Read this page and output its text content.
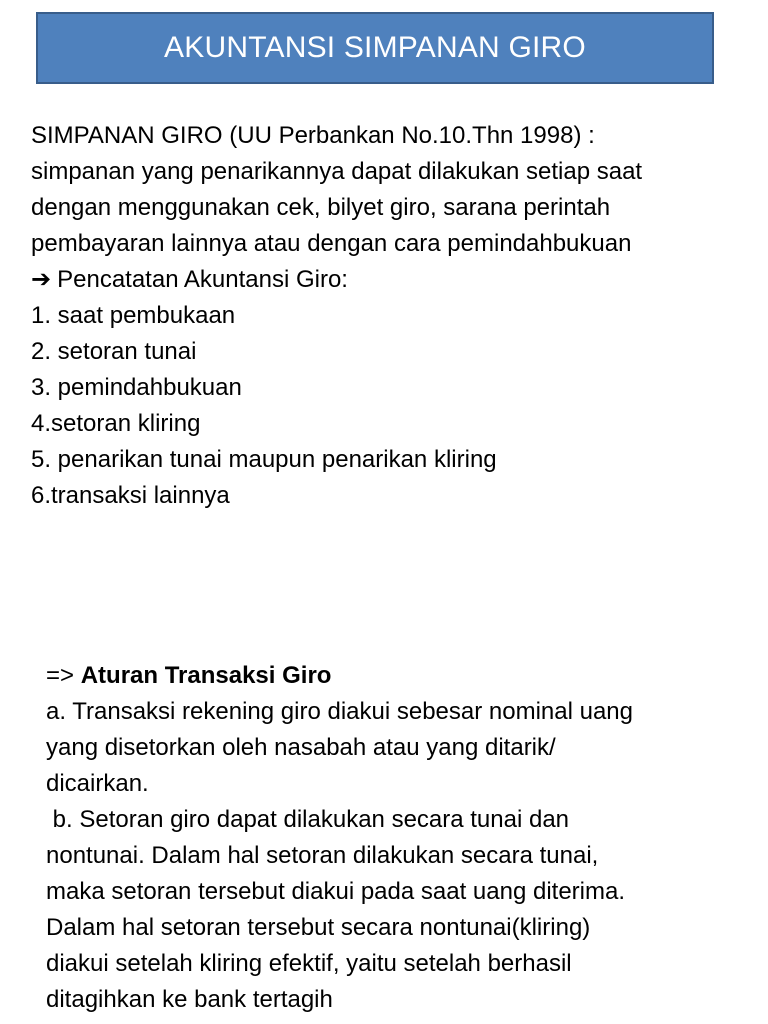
AKUNTANSI SIMPANAN GIRO
SIMPANAN GIRO (UU Perbankan No.10.Thn 1998) :
simpanan yang penarikannya dapat dilakukan setiap saat
dengan menggunakan cek, bilyet giro, sarana perintah
pembayaran lainnya atau dengan cara pemindahbukuan
➔ Pencatatan Akuntansi Giro:
1. saat pembukaan
2. setoran tunai
3. pemindahbukuan
4.setoran kliring
5. penarikan tunai maupun penarikan kliring
6.transaksi lainnya
=> Aturan Transaksi Giro
a. Transaksi rekening giro diakui sebesar nominal uang
yang disetorkan oleh nasabah atau yang ditarik/
dicairkan.
b. Setoran giro dapat dilakukan secara tunai dan
nontunai. Dalam hal setoran dilakukan secara tunai,
maka setoran tersebut diakui pada saat uang diterima.
Dalam hal setoran tersebut secara nontunai(kliring)
diakui setelah kliring efektif, yaitu setelah berhasil
ditagihkan ke bank tertagih
